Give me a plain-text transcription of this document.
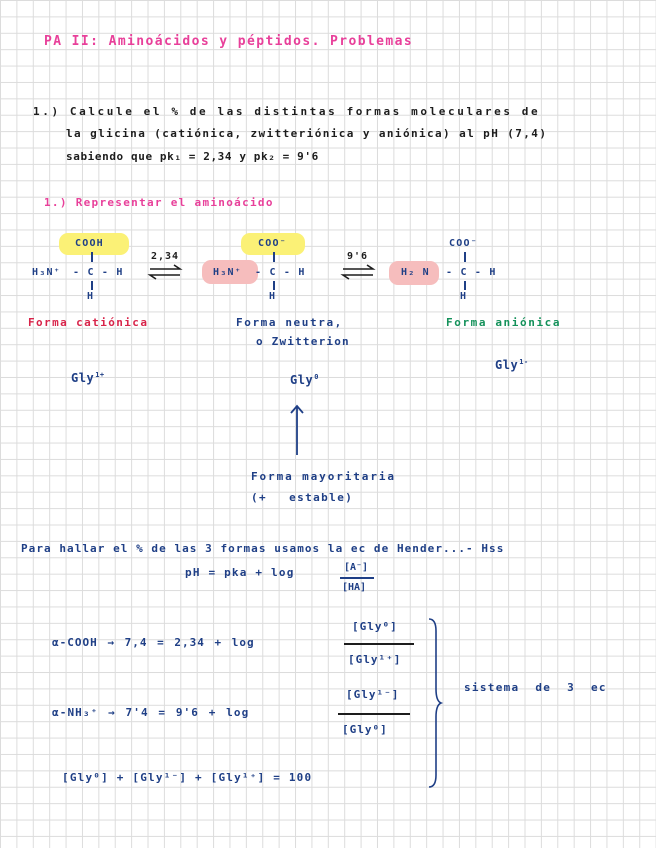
PA II: Aminoácidos y péptidos. Problemas
1.) Calcule el % de las distintas formas moleculares de
la glicina (catiónica, zwitteriónica y aniónica) al pH (7,4)
sabiendo que pk₁ = 2,34 y pk₂ = 9'6
1.) Representar el aminoácido
COOH
H₃N⁺ - C - H
H
2,34
COO⁻
H₃N⁺ - C - H
H
9'6
COO⁻
H₂ N - C - H
H
Forma catiónica	Forma neutra,
o Zwitterion
Forma aniónica
Gly$^{1+}$	Gly$^0$
Gly$^{1-}$
Forma mayoritaria
(+ estable)
Para hallar el % de las 3 formas usamos la ec de Hender...- Hss
pH = pka + log	[A⁻]
[HA]
α-COOH → 7,4 = 2,34 + log
[Gly⁰]
[Gly¹⁺]
α-NH₃⁺ → 7'4 = 9'6 + log
[Gly¹⁻]
[Gly⁰]
[Gly⁰] + [Gly¹⁻] + [Gly¹⁺] = 100
sistema de 3 ec
